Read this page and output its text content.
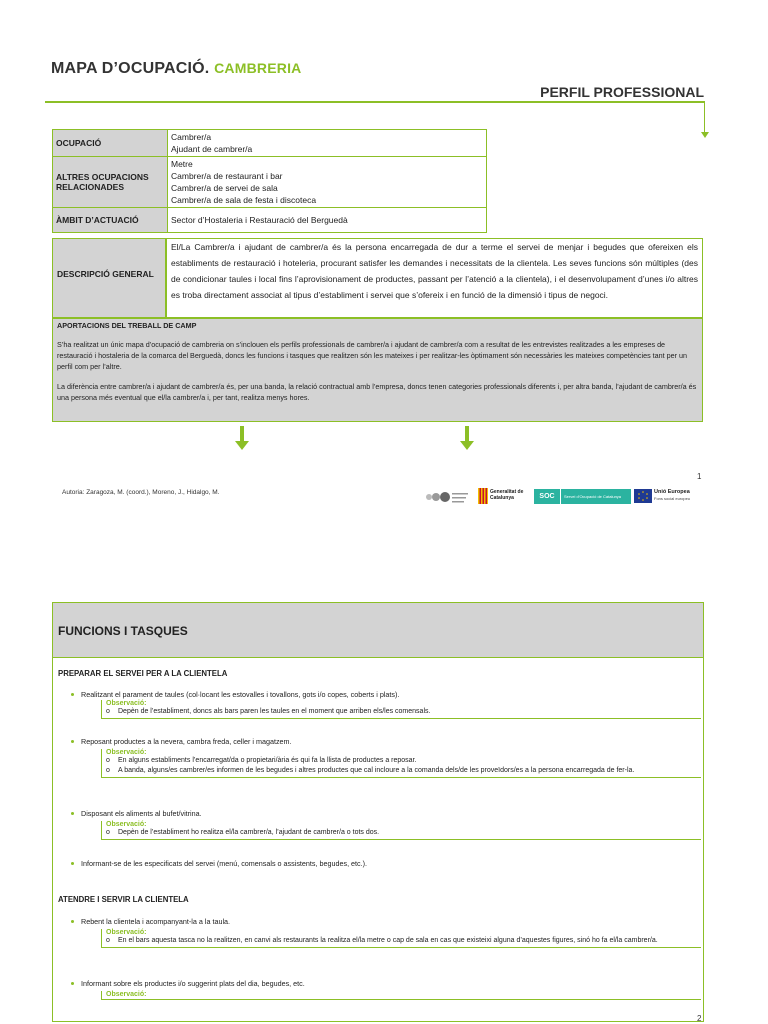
MAPA D’OCUPACIÓ. CAMBRERIA
PERFIL PROFESSIONAL
OCUPACIÓ	Cambrer/a
Ajudant de cambrer/a

ALTRES OCUPACIONS RELACIONADES	Metre
Cambrer/a de restaurant i bar
Cambrer/a de servei de sala
Cambrer/a de sala de festa i discoteca

ÀMBIT D’ACTUACIÓ	Sector d’Hostaleria i Restauració del Berguedà
DESCRIPCIÓ GENERAL
El/La Cambrer/a i ajudant de cambrer/a és la persona encarregada de dur a terme el servei de menjar i begudes que ofereixen els establiments de restauració i hoteleria, procurant satisfer les demandes i necessitats de la clientela. Les seves funcions són múltiples (des de condicionar taules i local fins l’aprovisionament de productes, passant per l’atenció a la clientela), i el desenvolupament d’unes i/o altres es troba directament associat al tipus d’establiment i servei que s’ofereix i en funció de la dimensió i tipus de negoci.
APORTACIONS DEL TREBALL DE CAMP

S’ha realitzat un únic mapa d’ocupació de cambreria on s’inclouen els perfils professionals de cambrer/a i ajudant de cambrer/a com a resultat de les entrevistes realitzades a les empreses de restauració i hostaleria de la comarca del Berguedà, doncs les funcions i tasques que realitzen són les mateixes i per realitzar-les òptimament són necessàries les mateixes competències tant per un perfil com per l’altre.

La diferència entre cambrer/a i ajudant de cambrer/a és, per una banda, la relació contractual amb l’empresa, doncs tenen categories professionals diferents i, per altra banda, l’ajudant de cambrer/a és una persona més eventual que el/la cambrer/a i, per tant, realitza menys hores.

1
Autoria: Zaragoza, M. (coord.), Moreno, J., Hidalgo, M.	Generalitat de Catalunya	SOC	Servei d'Ocupació de Catalunya
Unió Europea
Fons social europeu
FUNCIONS I TASQUES
PREPARAR EL SERVEI PER A LA CLIENTELA
Realitzant el parament de taules (col·locant les estovalles i tovallons, gots i/o copes, coberts i plats).
Observació:
o Depèn de l’establiment, doncs als bars paren les taules en el moment que arriben els/les comensals.
Reposant productes a la nevera, cambra freda, celler i magatzem.
Observació:
o En alguns establiments l’encarregat/da o propietari/ària és qui fa la llista de productes a reposar.
o A banda, alguns/es cambrer/es informen de les begudes i altres productes que cal incloure a la comanda dels/de les proveïdors/es a la persona encarregada de fer-la.
Disposant els aliments al bufet/vitrina.
Observació:
o Depèn de l’establiment ho realitza el/la cambrer/a, l’ajudant de cambrer/a o tots dos.
Informant-se de les especificats del servei (menú, comensals o assistents, begudes, etc.).
ATENDRE I SERVIR LA CLIENTELA
Rebent la clientela i acompanyant-la a la taula.
Observació:
o En el bars aquesta tasca no la realitzen, en canvi als restaurants la realitza el/la metre o cap de sala en cas que existeixi alguna d’aquestes figures, sinó ho fa el/la cambrer/a.
Informant sobre els productes i/o suggerint plats del dia, begudes, etc.
Observació:
2
